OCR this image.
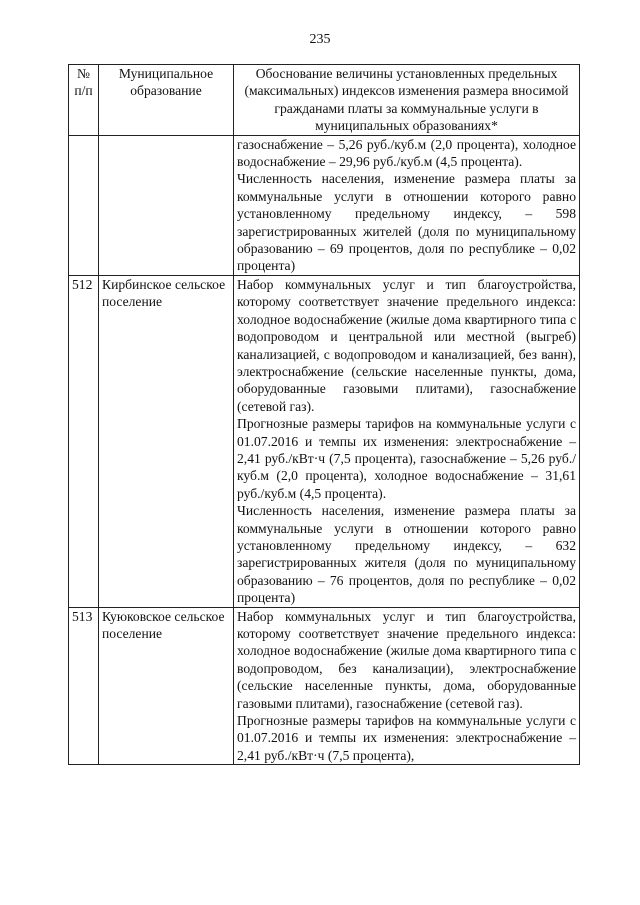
235
№ п/п	Муниципальное образование	Обоснование величины установленных предельных (максимальных) индексов изменения размера вносимой гражданами платы за коммунальные услуги в муниципальных образованиях*

		газоснабжение – 5,26 руб./куб.м (2,0 процента), холодное водоснабжение – 29,96 руб./куб.м (4,5 процента).

Численность населения, изменение размера платы за коммунальные услуги в отношении которого равно установленному предельному индексу, – 598 зарегистрированных жителей (доля по муниципальному образованию – 69 процентов, доля по республике – 0,02 процента)

512	Кирбинское сельское поселение	Набор коммунальных услуг и тип благоустройства, которому соответствует значение предельного индекса: холодное водоснабжение (жилые дома квартирного типа с водопроводом и центральной или местной (выгреб) канализацией, с водопроводом и канализацией, без ванн), электроснабжение (сельские населенные пункты, дома, оборудованные газовыми плитами), газоснабжение (сетевой газ).

Прогнозные размеры тарифов на коммунальные услуги с 01.07.2016 и темпы их изменения: электроснабжение – 2,41 руб./кВт·ч (7,5 процента), газоснабжение – 5,26 руб./куб.м (2,0 процента), холодное водоснабжение – 31,61 руб./куб.м (4,5 процента).

Численность населения, изменение размера платы за коммунальные услуги в отношении которого равно установленному предельному индексу, – 632 зарегистрированных жителя (доля по муниципальному образованию – 76 процентов, доля по республике – 0,02 процента)

513	Куюковское сельское поселение	Набор коммунальных услуг и тип благоустройства, которому соответствует значение предельного индекса: холодное водоснабжение (жилые дома квартирного типа с водопроводом, без канализации), электроснабжение (сельские населенные пункты, дома, оборудованные газовыми плитами), газоснабжение (сетевой газ).

Прогнозные размеры тарифов на коммунальные услуги с 01.07.2016 и темпы их изменения: электроснабжение – 2,41 руб./кВт·ч (7,5 процента),
